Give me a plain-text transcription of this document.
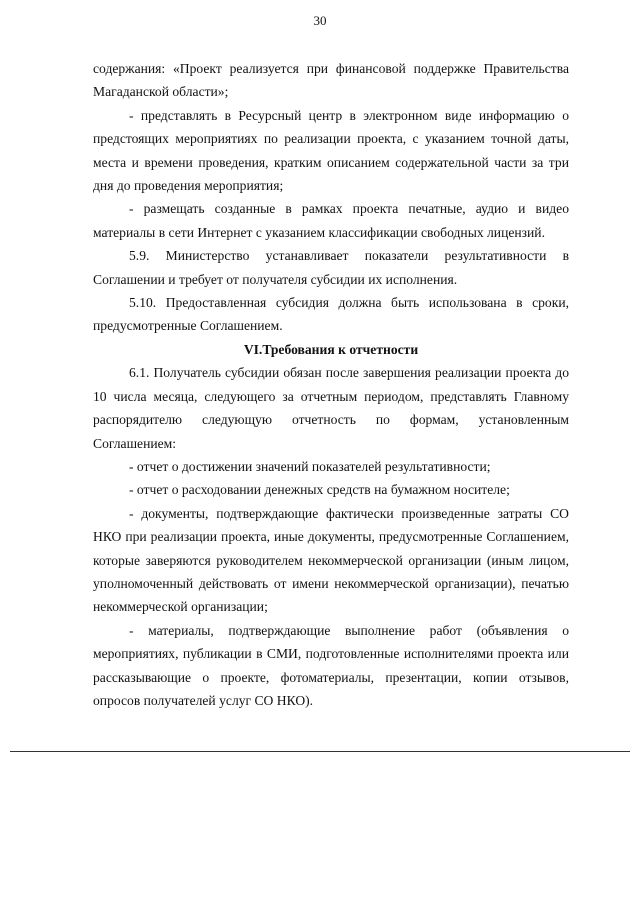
30

содержания: «Проект реализуется при финансовой поддержке Правительства Магаданской области»;

- представлять в Ресурсный центр в электронном виде информацию о предстоящих мероприятиях по реализации проекта, с указанием точной даты, места и времени проведения, кратким описанием содержательной части за три дня до проведения мероприятия;

- размещать созданные в рамках проекта печатные, аудио и видео материалы в сети Интернет с указанием классификации свободных лицензий.

5.9. Министерство устанавливает показатели результативности в Соглашении и требует от получателя субсидии их исполнения.

5.10. Предоставленная субсидия должна быть использована в сроки, предусмотренные Соглашением.

VI.Требования к отчетности

6.1. Получатель субсидии обязан после завершения реализации проекта до 10 числа месяца, следующего за отчетным периодом, представлять Главному распорядителю следующую отчетность по формам, установленным Соглашением:

- отчет о достижении значений показателей результативности;

- отчет о расходовании денежных средств на бумажном носителе;

- документы, подтверждающие фактически произведенные затраты СО НКО при реализации проекта, иные документы, предусмотренные Соглашением, которые заверяются руководителем некоммерческой организации (иным лицом, уполномоченный действовать от имени некоммерческой организации), печатью некоммерческой организации;

- материалы, подтверждающие выполнение работ (объявления о мероприятиях, публикации в СМИ, подготовленные исполнителями проекта или рассказывающие о проекте, фотоматериалы, презентации, копии отзывов, опросов получателей услуг СО НКО).
